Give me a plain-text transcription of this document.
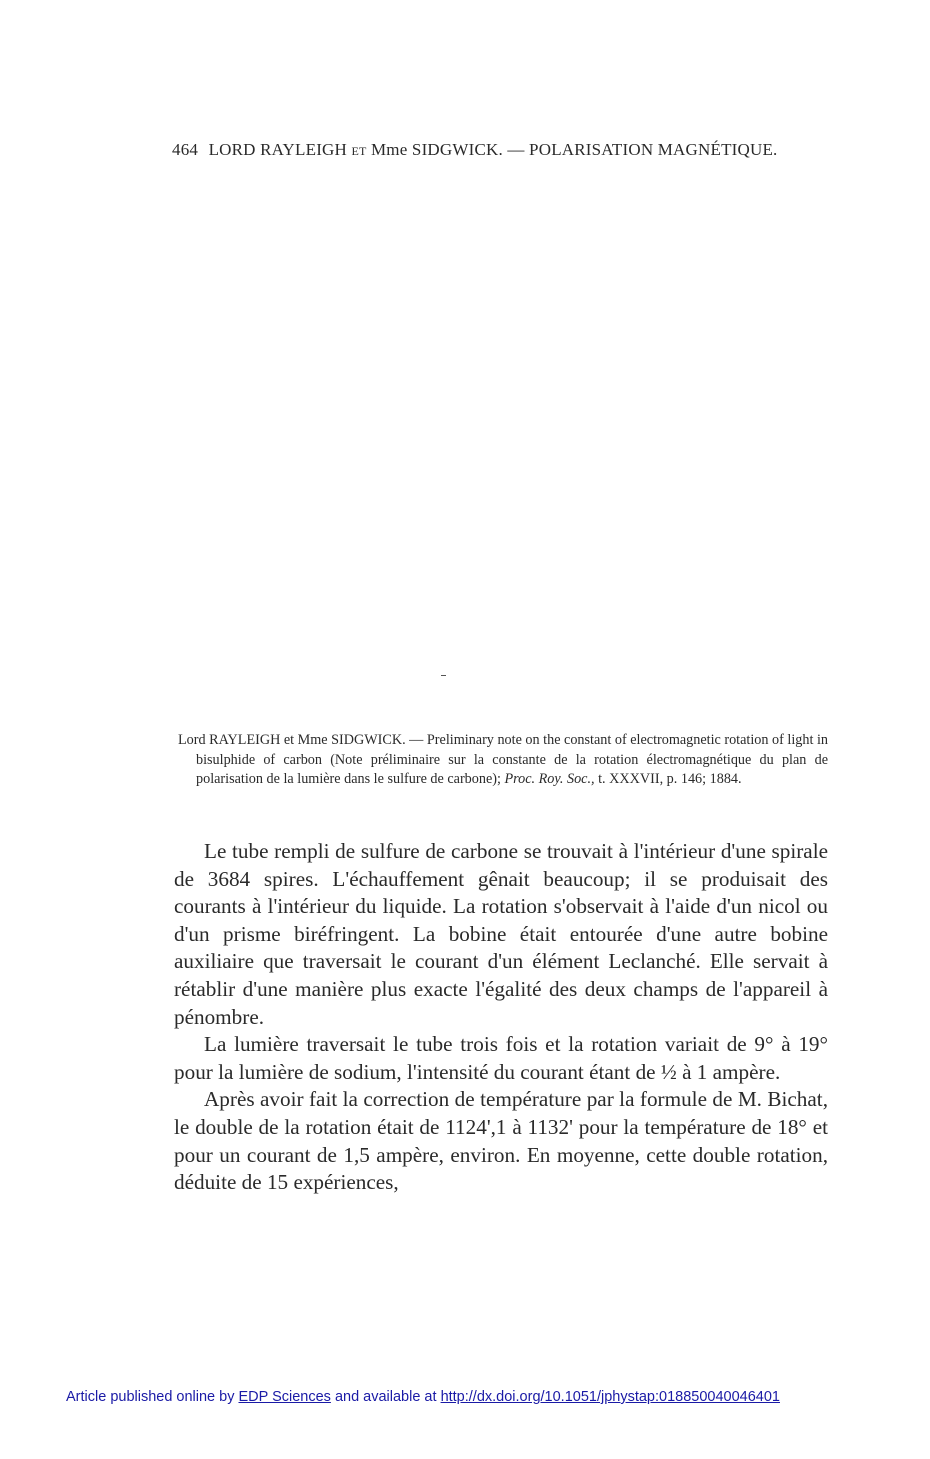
464 LORD RAYLEIGH ET Mme SIDGWICK. — POLARISATION MAGNÉTIQUE.
Lord RAYLEIGH et Mme SIDGWICK. — Preliminary note on the constant of electromagnetic rotation of light in bisulphide of carbon (Note préliminaire sur la constante de la rotation électromagnétique du plan de polarisation de la lumière dans le sulfure de carbone); Proc. Roy. Soc., t. XXXVII, p. 146; 1884.

Le tube rempli de sulfure de carbone se trouvait à l'intérieur d'une spirale de 3684 spires. L'échauffement gênait beaucoup; il se produisait des courants à l'intérieur du liquide. La rotation s'observait à l'aide d'un nicol ou d'un prisme biréfringent. La bobine était entourée d'une autre bobine auxiliaire que traversait le courant d'un élément Leclanché. Elle servait à rétablir d'une manière plus exacte l'égalité des deux champs de l'appareil à pénombre.

La lumière traversait le tube trois fois et la rotation variait de 9° à 19° pour la lumière de sodium, l'intensité du courant étant de ½ à 1 ampère.

Après avoir fait la correction de température par la formule de M. Bichat, le double de la rotation était de 1124',1 à 1132' pour la température de 18° et pour un courant de 1,5 ampère, environ. En moyenne, cette double rotation, déduite de 15 expériences,

Article published online by EDP Sciences and available at http://dx.doi.org/10.1051/jphystap:018850040046401
